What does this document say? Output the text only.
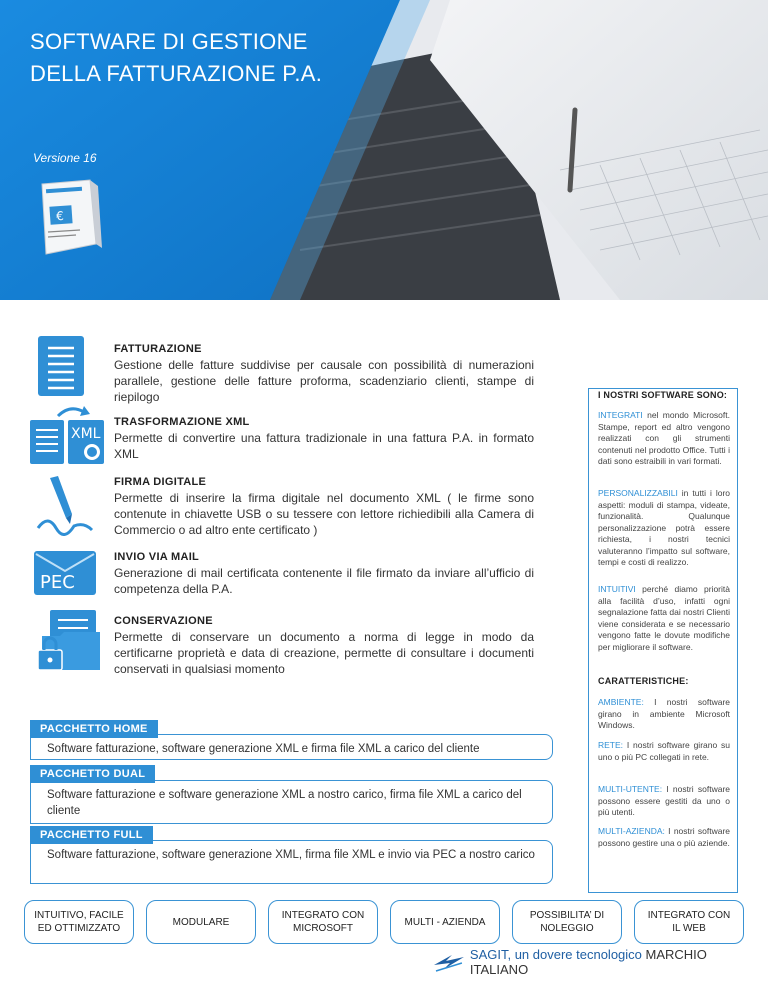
SOFTWARE DI GESTIONE
DELLA FATTURAZIONE P.A.
Versione 16
€
FATTURAZIONE
Gestione delle fatture suddivise per causale con possibilità di numerazioni parallele, gestione delle fatture proforma, scadenziario clienti, stampe di riepilogo
XML
TRASFORMAZIONE XML
Permette di convertire una fattura tradizionale in una fattura P.A. in formato XML
FIRMA DIGITALE
Permette di inserire la firma digitale nel documento XML ( le firme sono contenute in chiavette USB o su tessere con lettore richiedibili alla Camera di Commercio o ad altro ente certificato )
PEC
INVIO VIA MAIL
Generazione di mail certificata contenente il file firmato da inviare all’ufficio di competenza della P.A.
CONSERVAZIONE
Permette di conservare un documento a norma di legge in modo da certificarne proprietà e data di creazione, permette di consultare i documenti conservati in qualsiasi momento
I NOSTRI SOFTWARE SONO:

INTEGRATI nel mondo Microsoft. Stampe, report ed altro vengono realizzati con gli strumenti contenuti nel prodotto Office. Tutti i dati sono estraibili in vari formati.

PERSONALIZZABILI in tutti i loro aspetti: moduli di stampa, videate, funzionalità. Qualunque personalizzazione potrà essere richiesta, i nostri tecnici valuteranno l’impatto sul software, tempi e costi di realizzo.

INTUITIVI perché diamo priorità alla facilità d’uso, infatti ogni segnalazione fatta dai nostri Clienti viene considerata e se necessario vengono fatte le dovute modifiche per migliorare il software.

CARATTERISTICHE:

AMBIENTE: I nostri software girano in ambiente Microsoft Windows.

RETE: I nostri software girano su uno o più PC collegati in rete.

MULTI-UTENTE: I nostri software possono essere gestiti da uno o più utenti.

MULTI-AZIENDA: I nostri software possono gestire una o più aziende.

Software fatturazione, software generazione XML e firma file XML a carico del cliente
PACCHETTO HOME
Software fatturazione e software generazione XML a nostro carico, firma file XML a carico del cliente
PACCHETTO DUAL
Software fatturazione, software generazione XML, firma file XML e invio via PEC a nostro carico
PACCHETTO FULL
INTUITIVO, FACILE
ED OTTIMIZZATO
MODULARE
INTEGRATO CON
MICROSOFT
MULTI - AZIENDA
POSSIBILITA’ DI
NOLEGGIO
INTEGRATO CON
IL WEB
SAGIT, un dovere tecnologico MARCHIO ITALIANO
